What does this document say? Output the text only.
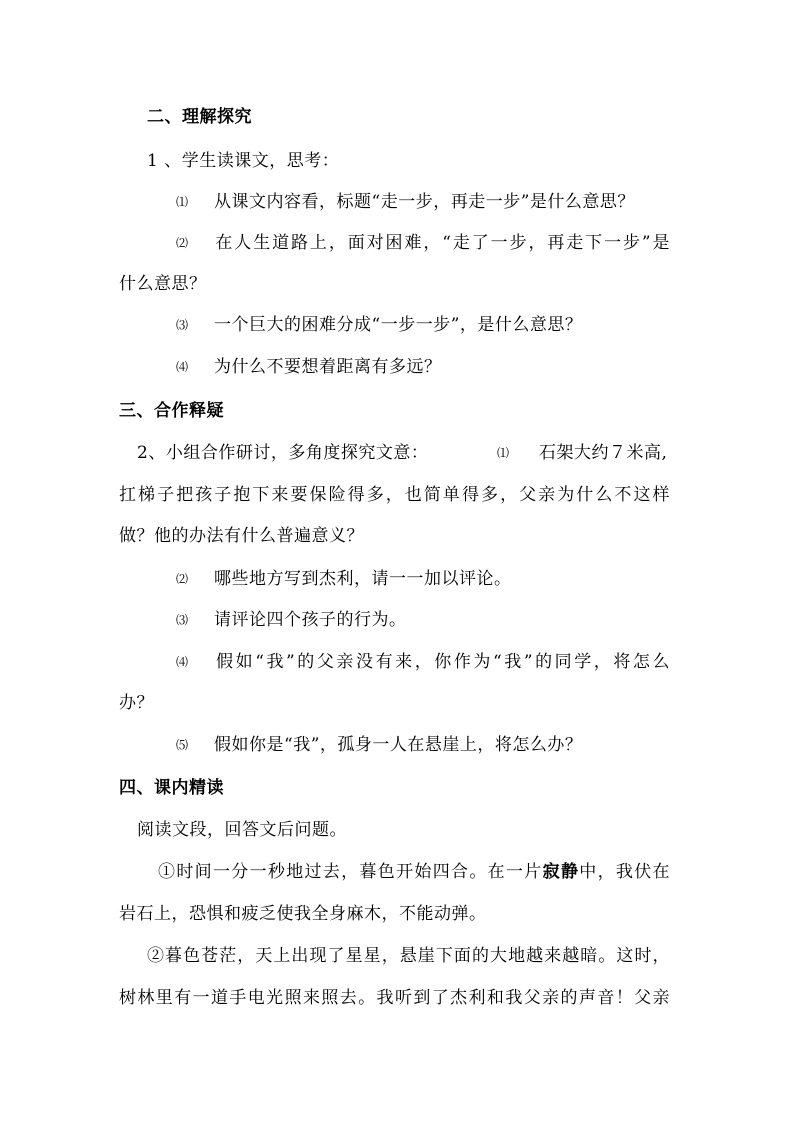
二、理解探究
1 、学生读课文，思考：
⑴ 从课文内容看，标题“走一步，再走一步”是什么意思？
⑵ 在人生道路上，面对困难，“走了一步，再走下一步”是
什么意思？
⑶ 一个巨大的困难分成“一步一步”，是什么意思？
⑷ 为什么不要想着距离有多远？
三、合作释疑
2、小组合作研讨，多角度探究文意：	⑴ 石架大约７米高,
扛梯子把孩子抱下来要保险得多，也简单得多，父亲为什么不这样
做？他的办法有什么普遍意义？
⑵ 哪些地方写到杰利，请一一加以评论。
⑶ 请评论四个孩子的行为。
⑷ 假如“我”的父亲没有来，你作为“我”的同学，将怎么
办？
⑸ 假如你是“我”，孤身一人在悬崖上，将怎么办？
四、课内精读
阅读文段，回答文后问题。
①时间一分一秒地过去，暮色开始四合。在一片寂静中，我伏在
岩石上，恐惧和疲乏使我全身麻木，不能动弹。
②暮色苍茫，天上出现了星星，悬崖下面的大地越来越暗。这时，
树林里有一道手电光照来照去。我听到了杰利和我父亲的声音！父亲
